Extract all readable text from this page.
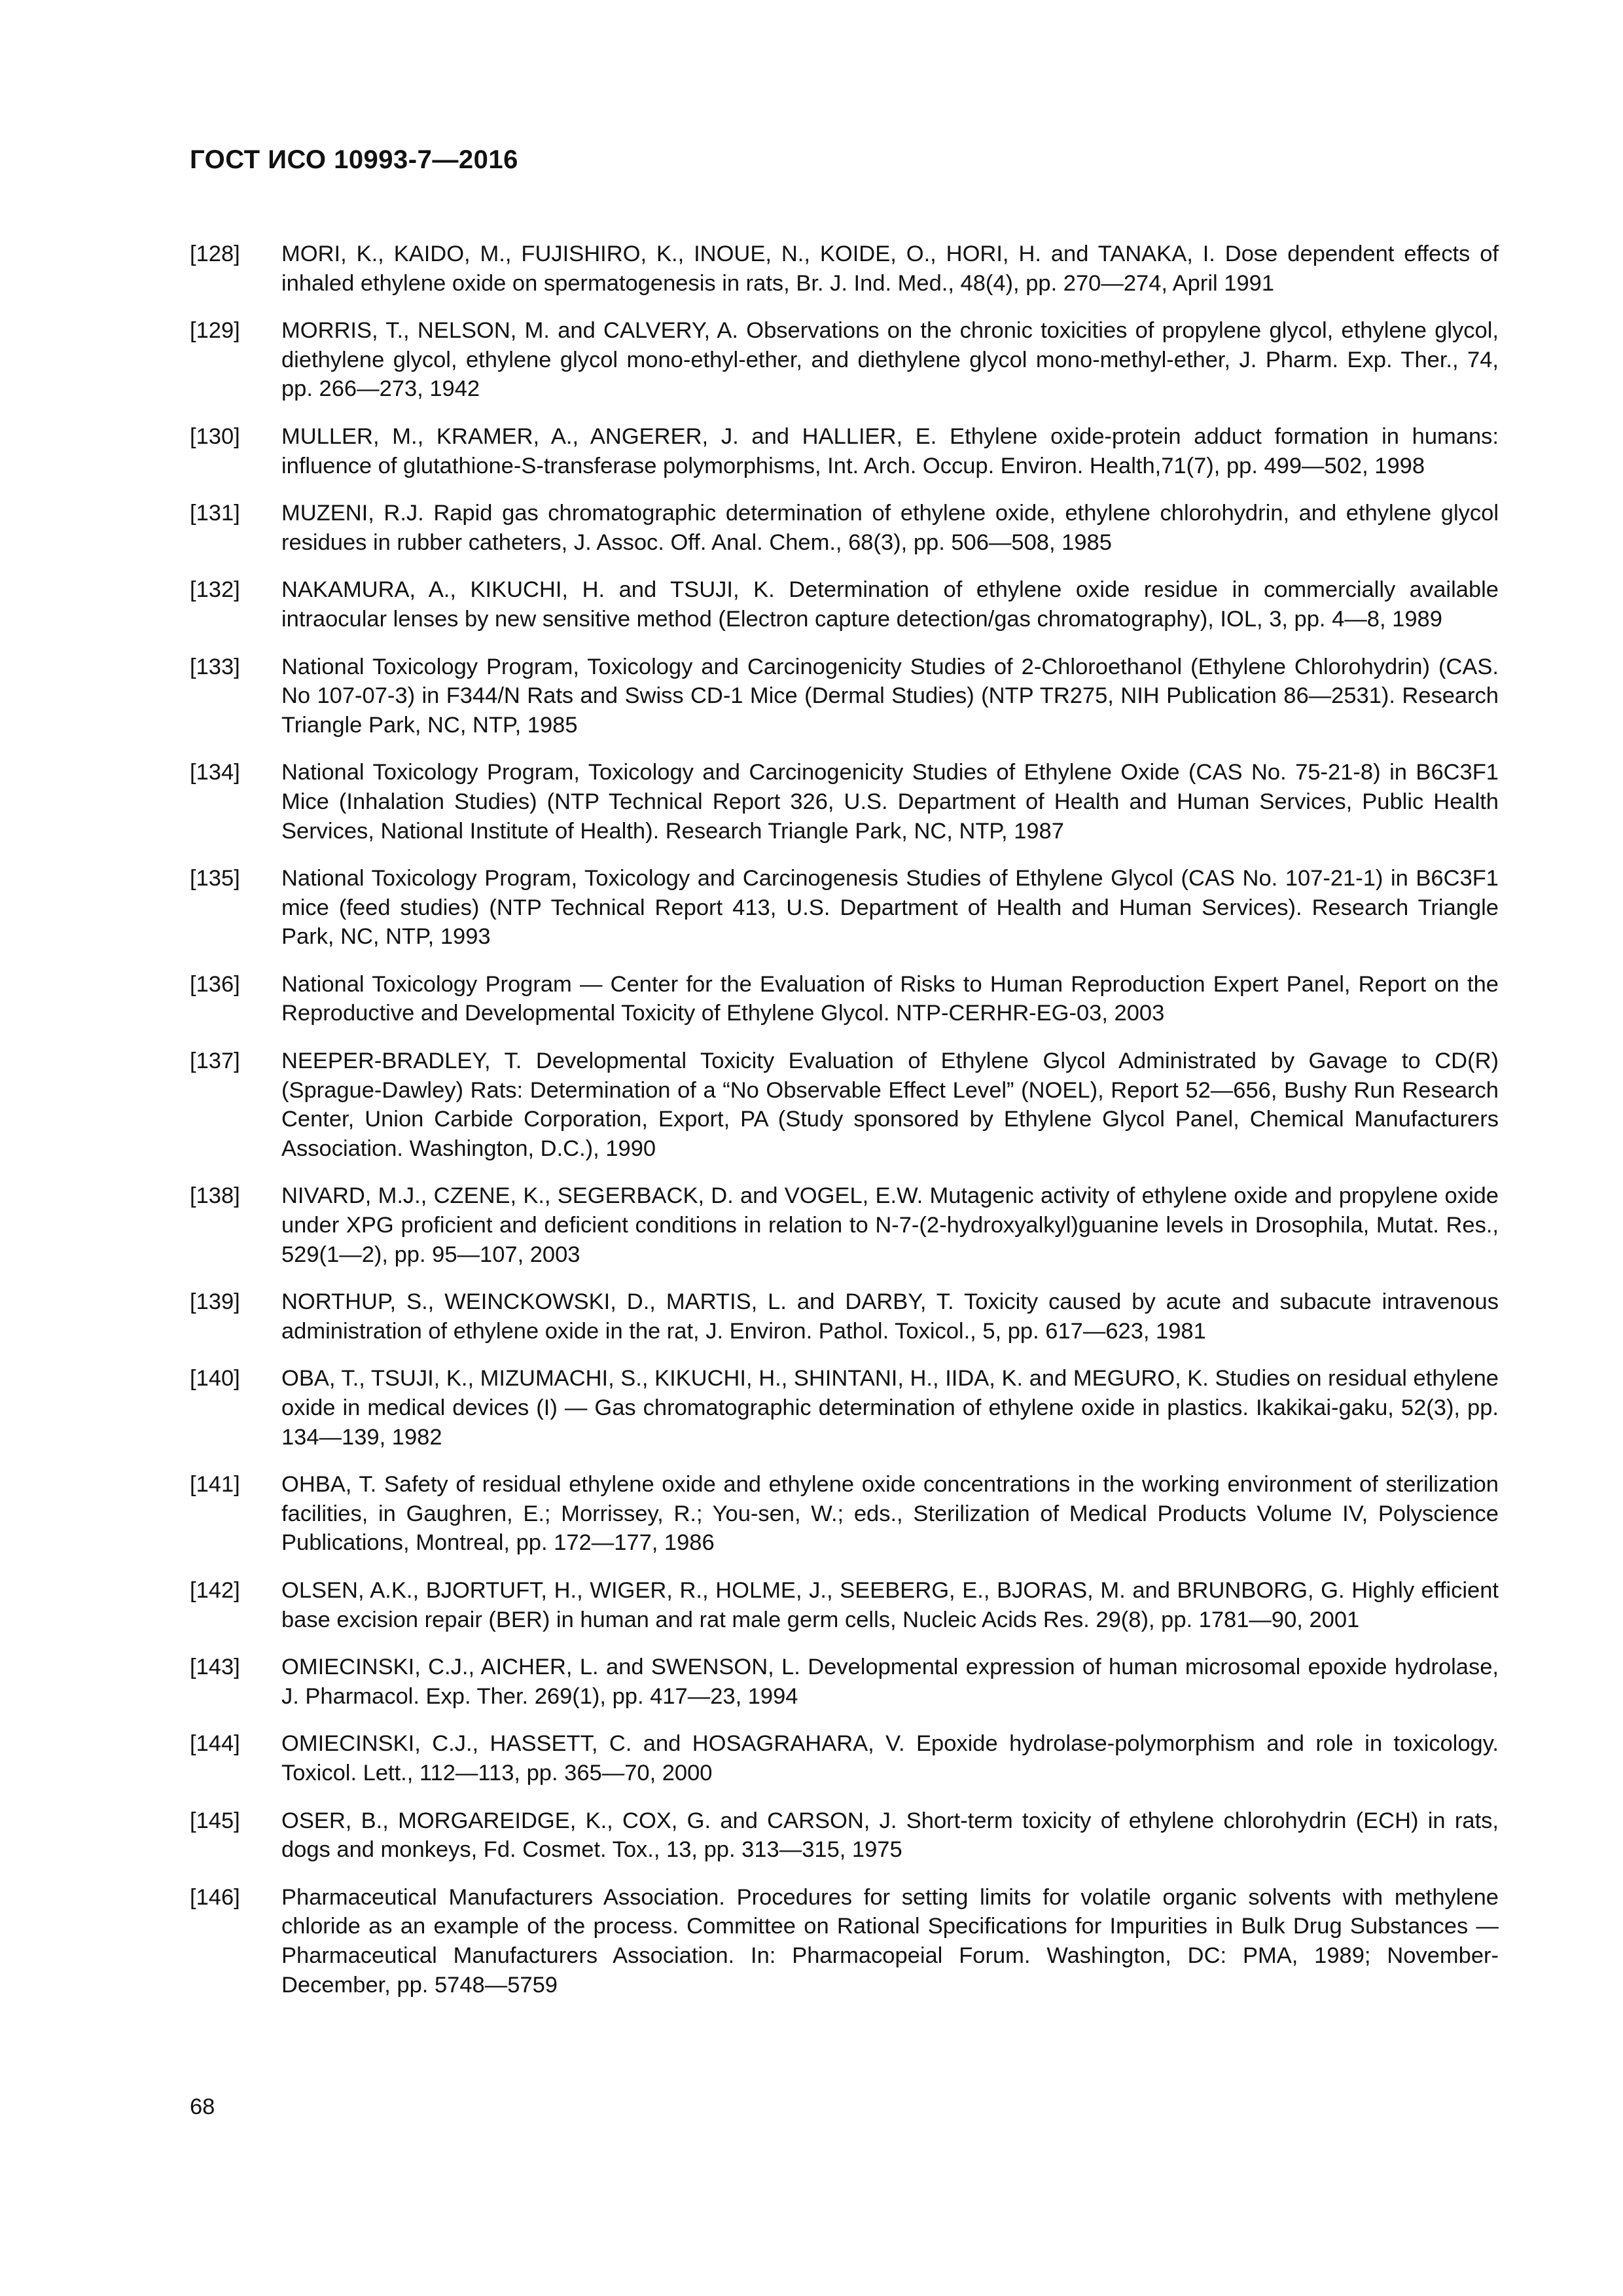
ГОСТ ИСО 10993-7—2016
[128]	MORI, K., KAIDO, M., FUJISHIRO, K., INOUE, N., KOIDE, O., HORI, H. and TANAKA, I. Dose dependent effects of inhaled ethylene oxide on spermatogenesis in rats, Br. J. Ind. Med., 48(4), pp. 270—274, April 1991
[129]	MORRIS, T., NELSON, M. and CALVERY, A. Observations on the chronic toxicities of propylene glycol, ethylene glycol, diethylene glycol, ethylene glycol mono-ethyl-ether, and diethylene glycol mono-methyl-ether, J. Pharm. Exp. Ther., 74, pp. 266—273, 1942
[130]	MULLER, M., KRAMER, A., ANGERER, J. and HALLIER, E. Ethylene oxide-protein adduct formation in humans: influence of glutathione-S-transferase polymorphisms, Int. Arch. Occup. Environ. Health,71(7), pp. 499—502, 1998
[131]	MUZENI, R.J. Rapid gas chromatographic determination of ethylene oxide, ethylene chlorohydrin, and ethylene glycol residues in rubber catheters, J. Assoc. Off. Anal. Chem., 68(3), pp. 506—508, 1985
[132]	NAKAMURA, A., KIKUCHI, H. and TSUJI, K. Determination of ethylene oxide residue in commercially available intraocular lenses by new sensitive method (Electron capture detection/gas chromatography), IOL, 3, pp. 4—8, 1989
[133]	National Toxicology Program, Toxicology and Carcinogenicity Studies of 2-Chloroethanol (Ethylene Chlorohydrin) (CAS. No 107-07-3) in F344/N Rats and Swiss CD-1 Mice (Dermal Studies) (NTP TR275, NIH Publication 86—2531). Research Triangle Park, NC, NTP, 1985
[134]	National Toxicology Program, Toxicology and Carcinogenicity Studies of Ethylene Oxide (CAS No. 75-21-8) in B6C3F1 Mice (Inhalation Studies) (NTP Technical Report 326, U.S. Department of Health and Human Services, Public Health Services, National Institute of Health). Research Triangle Park, NC, NTP, 1987
[135]	National Toxicology Program, Toxicology and Carcinogenesis Studies of Ethylene Glycol (CAS No. 107-21-1) in B6C3F1 mice (feed studies) (NTP Technical Report 413, U.S. Department of Health and Human Services). Research Triangle Park, NC, NTP, 1993
[136]	National Toxicology Program — Center for the Evaluation of Risks to Human Reproduction Expert Panel, Report on the Reproductive and Developmental Toxicity of Ethylene Glycol. NTP-CERHR-EG-03, 2003
[137]	NEEPER-BRADLEY, T. Developmental Toxicity Evaluation of Ethylene Glycol Administrated by Gavage to CD(R) (Sprague-Dawley) Rats: Determination of a “No Observable Effect Level” (NOEL), Report 52—656, Bushy Run Research Center, Union Carbide Corporation, Export, PA (Study sponsored by Ethylene Glycol Panel, Chemical Manufacturers Association. Washington, D.C.), 1990
[138]	NIVARD, M.J., CZENE, K., SEGERBACK, D. and VOGEL, E.W. Mutagenic activity of ethylene oxide and propylene oxide under XPG proficient and deficient conditions in relation to N-7-(2-hydroxyalkyl)guanine levels in Drosophila, Mutat. Res., 529(1—2), pp. 95—107, 2003
[139]	NORTHUP, S., WEINCKOWSKI, D., MARTIS, L. and DARBY, T. Toxicity caused by acute and subacute intravenous administration of ethylene oxide in the rat, J. Environ. Pathol. Toxicol., 5, pp. 617—623, 1981
[140]	OBA, T., TSUJI, K., MIZUMACHI, S., KIKUCHI, H., SHINTANI, H., IIDA, K. and MEGURO, K. Studies on residual ethylene oxide in medical devices (I) — Gas chromatographic determination of ethylene oxide in plastics. Ikakikai-gaku, 52(3), pp. 134—139, 1982
[141]	OHBA, T. Safety of residual ethylene oxide and ethylene oxide concentrations in the working environment of sterilization facilities, in Gaughren, E.; Morrissey, R.; You-sen, W.; eds., Sterilization of Medical Products Volume IV, Polyscience Publications, Montreal, pp. 172—177, 1986
[142]	OLSEN, A.K., BJORTUFT, H., WIGER, R., HOLME, J., SEEBERG, E., BJORAS, M. and BRUNBORG, G. Highly efficient base excision repair (BER) in human and rat male germ cells, Nucleic Acids Res. 29(8), pp. 1781—90, 2001
[143]	OMIECINSKI, C.J., AICHER, L. and SWENSON, L. Developmental expression of human microsomal epoxide hydrolase, J. Pharmacol. Exp. Ther. 269(1), pp. 417—23, 1994
[144]	OMIECINSKI, C.J., HASSETT, C. and HOSAGRAHARA, V. Epoxide hydrolase-polymorphism and role in toxicology. Toxicol. Lett., 112—113, pp. 365—70, 2000
[145]	OSER, B., MORGAREIDGE, K., COX, G. and CARSON, J. Short-term toxicity of ethylene chlorohydrin (ECH) in rats, dogs and monkeys, Fd. Cosmet. Tox., 13, pp. 313—315, 1975
[146]	Pharmaceutical Manufacturers Association. Procedures for setting limits for volatile organic solvents with methylene chloride as an example of the process. Committee on Rational Specifications for Impurities in Bulk Drug Substances — Pharmaceutical Manufacturers Association. In: Pharmacopeial Forum. Washington, DC: PMA, 1989; November-December, pp. 5748—5759
68
